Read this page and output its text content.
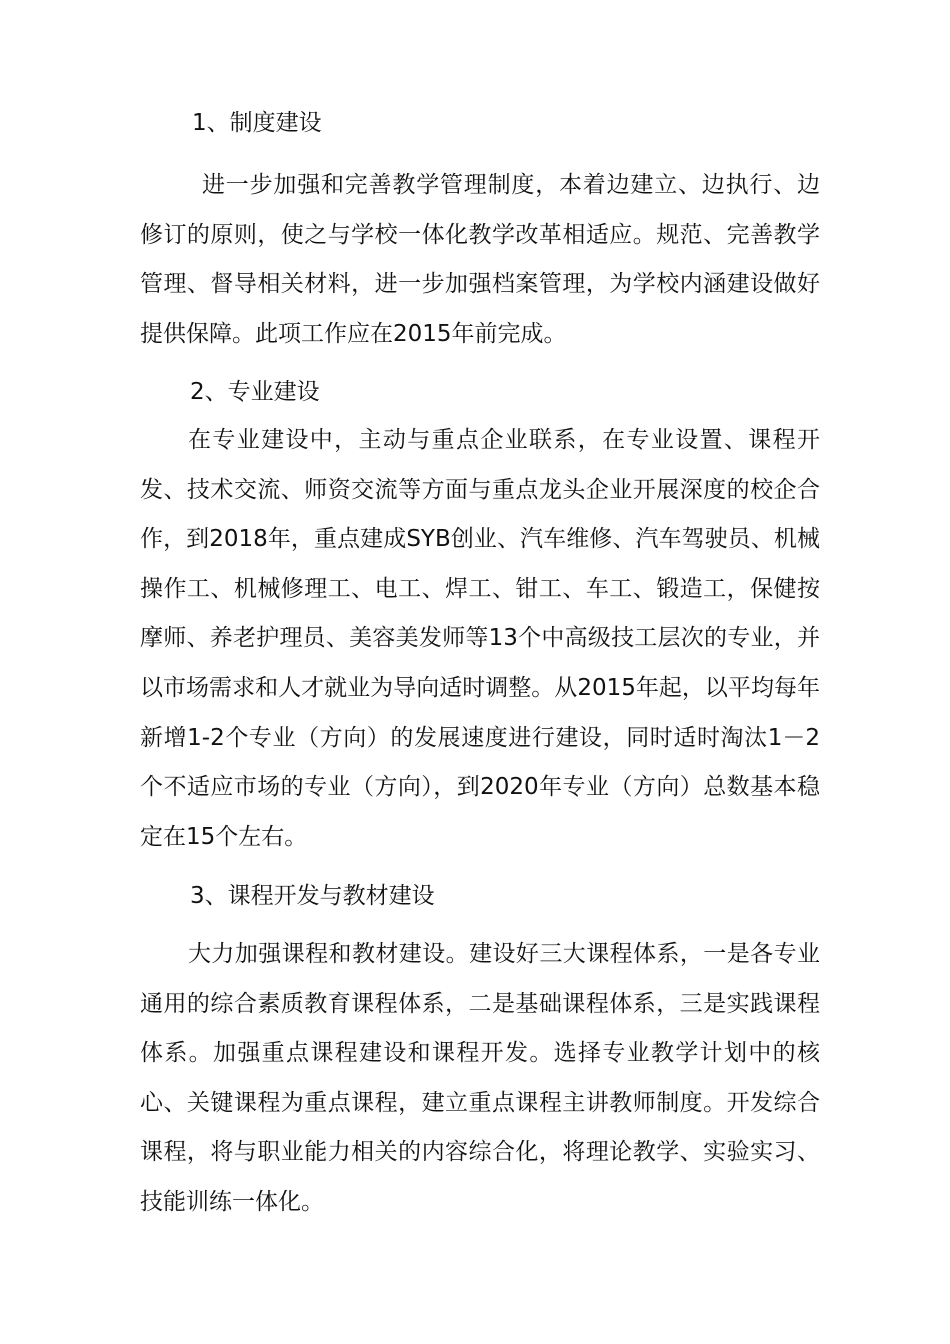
1、制度建设
进一步加强和完善教学管理制度，本着边建立、边执行、边修订的原则，使之与学校一体化教学改革相适应。规范、完善教学管理、督导相关材料，进一步加强档案管理，为学校内涵建设做好提供保障。此项工作应在2015年前完成。
2、专业建设
在专业建设中，主动与重点企业联系，在专业设置、课程开发、技术交流、师资交流等方面与重点龙头企业开展深度的校企合作，到2018年，重点建成SYB创业、汽车维修、汽车驾驶员、机械操作工、机械修理工、电工、焊工、钳工、车工、锻造工，保健按摩师、养老护理员、美容美发师等13个中高级技工层次的专业，并以市场需求和人才就业为导向适时调整。从2015年起，以平均每年新增1-2个专业（方向）的发展速度进行建设，同时适时淘汰1－2个不适应市场的专业（方向），到2020年专业（方向）总数基本稳定在15个左右。
3、课程开发与教材建设
大力加强课程和教材建设。建设好三大课程体系，一是各专业通用的综合素质教育课程体系，二是基础课程体系，三是实践课程体系。加强重点课程建设和课程开发。选择专业教学计划中的核心、关键课程为重点课程，建立重点课程主讲教师制度。开发综合课程，将与职业能力相关的内容综合化，将理论教学、实验实习、技能训练一体化。
